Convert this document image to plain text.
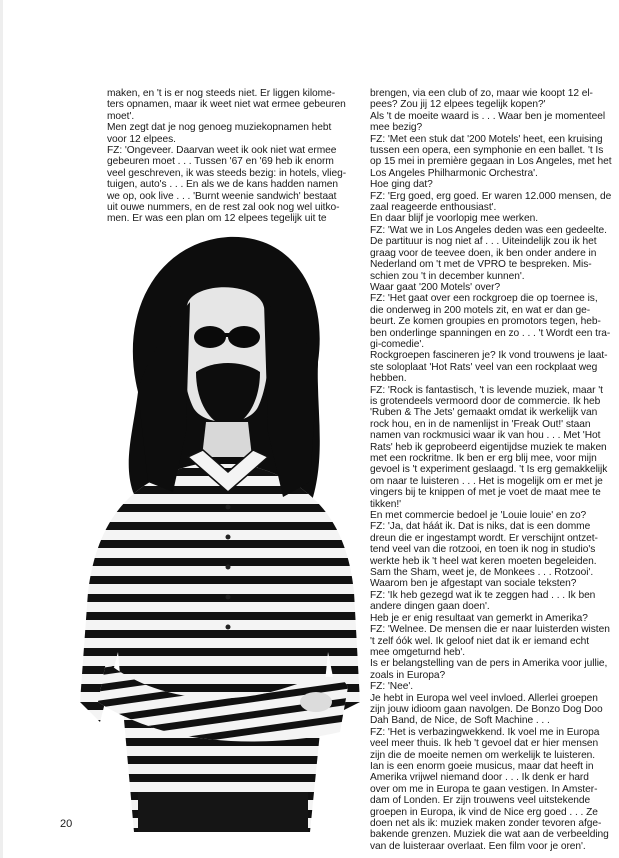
maken, en 't is er nog steeds niet. Er liggen kilome-
ters opnamen, maar ik weet niet wat ermee gebeuren
moet'.
Men zegt dat je nog genoeg muziekopnamen hebt
voor 12 elpees.
FZ: 'Ongeveer. Daarvan weet ik ook niet wat ermee
gebeuren moet . . . Tussen '67 en '69 heb ik enorm
veel geschreven, ik was steeds bezig: in hotels, vlieg-
tuigen, auto's . . . En als we de kans hadden namen
we op, ook live . . . 'Burnt weenie sandwich' bestaat
uit ouwe nummers, en de rest zal ook nog wel uitko-
men. Er was een plan om 12 elpees tegelijk uit te
brengen, via een club of zo, maar wie koopt 12 el-
pees? Zou jij 12 elpees tegelijk kopen?'
Als 't de moeite waard is . . . Waar ben je momenteel
mee bezig?
FZ: 'Met een stuk dat '200 Motels' heet, een kruising
tussen een opera, een symphonie en een ballet. 't Is
op 15 mei in première gegaan in Los Angeles, met het
Los Angeles Philharmonic Orchestra'.
Hoe ging dat?
FZ: 'Erg goed, erg goed. Er waren 12.000 mensen, de
zaal reageerde enthousiast'.
En daar blijf je voorlopig mee werken.
FZ: 'Wat we in Los Angeles deden was een gedeelte.
De partituur is nog niet af . . . Uiteindelijk zou ik het
graag voor de teevee doen, ik ben onder andere in
Nederland om 't met de VPRO te bespreken. Mis-
schien zou 't in december kunnen'.
Waar gaat '200 Motels' over?
FZ: 'Het gaat over een rockgroep die op toernee is,
die onderweg in 200 motels zit, en wat er dan ge-
beurt. Ze komen groupies en promotors tegen, heb-
ben onderlinge spanningen en zo . . . 't Wordt een tra-
gi-comedie'.
Rockgroepen fascineren je? Ik vond trouwens je laat-
ste soloplaat 'Hot Rats' veel van een rockplaat weg
hebben.
FZ: 'Rock is fantastisch, 't is levende muziek, maar 't
is grotendeels vermoord door de commercie. Ik heb
'Ruben & The Jets' gemaakt omdat ik werkelijk van
rock hou, en in de namenlijst in 'Freak Out!' staan
namen van rockmusici waar ik van hou . . . Met 'Hot
Rats' heb ik geprobeerd eigentijdse muziek te maken
met een rockritme. Ik ben er erg blij mee, voor mijn
gevoel is 't experiment geslaagd. 't Is erg gemakkelijk
om naar te luisteren . . . Het is mogelijk om er met je
vingers bij te knippen of met je voet de maat mee te
tikken!'
En met commercie bedoel je 'Louie louie' en zo?
FZ: 'Ja, dat háát ik. Dat is niks, dat is een domme
dreun die er ingestampt wordt. Er verschijnt ontzet-
tend veel van die rotzooi, en toen ik nog in studio's
werkte heb ik 't heel wat keren moeten begeleiden.
Sam the Sham, weet je, de Monkees . . . Rotzooi'.
Waarom ben je afgestapt van sociale teksten?
FZ: 'Ik heb gezegd wat ik te zeggen had . . . Ik ben
andere dingen gaan doen'.
Heb je er enig resultaat van gemerkt in Amerika?
FZ: 'Welnee. De mensen die er naar luisterden wisten
't zelf óók wel. Ik geloof niet dat ik er iemand echt
mee omgeturnd heb'.
Is er belangstelling van de pers in Amerika voor jullie,
zoals in Europa?
FZ: 'Nee'.
Je hebt in Europa wel veel invloed. Allerlei groepen
zijn jouw idioom gaan navolgen. De Bonzo Dog Doo
Dah Band, de Nice, de Soft Machine . . .
FZ: 'Het is verbazingwekkend. Ik voel me in Europa
veel meer thuis. Ik heb 't gevoel dat er hier mensen
zijn die de moeite nemen om werkelijk te luisteren.
Ian is een enorm goeie musicus, maar dat heeft in
Amerika vrijwel niemand door . . . Ik denk er hard
over om me in Europa te gaan vestigen. In Amster-
dam of Londen. Er zijn trouwens veel uitstekende
groepen in Europa, ik vind de Nice erg goed . . . Ze
doen net als ik: muziek maken zonder tevoren afge-
bakende grenzen. Muziek die wat aan de verbeelding
van de luisteraar overlaat. Een film voor je oren'.
20
